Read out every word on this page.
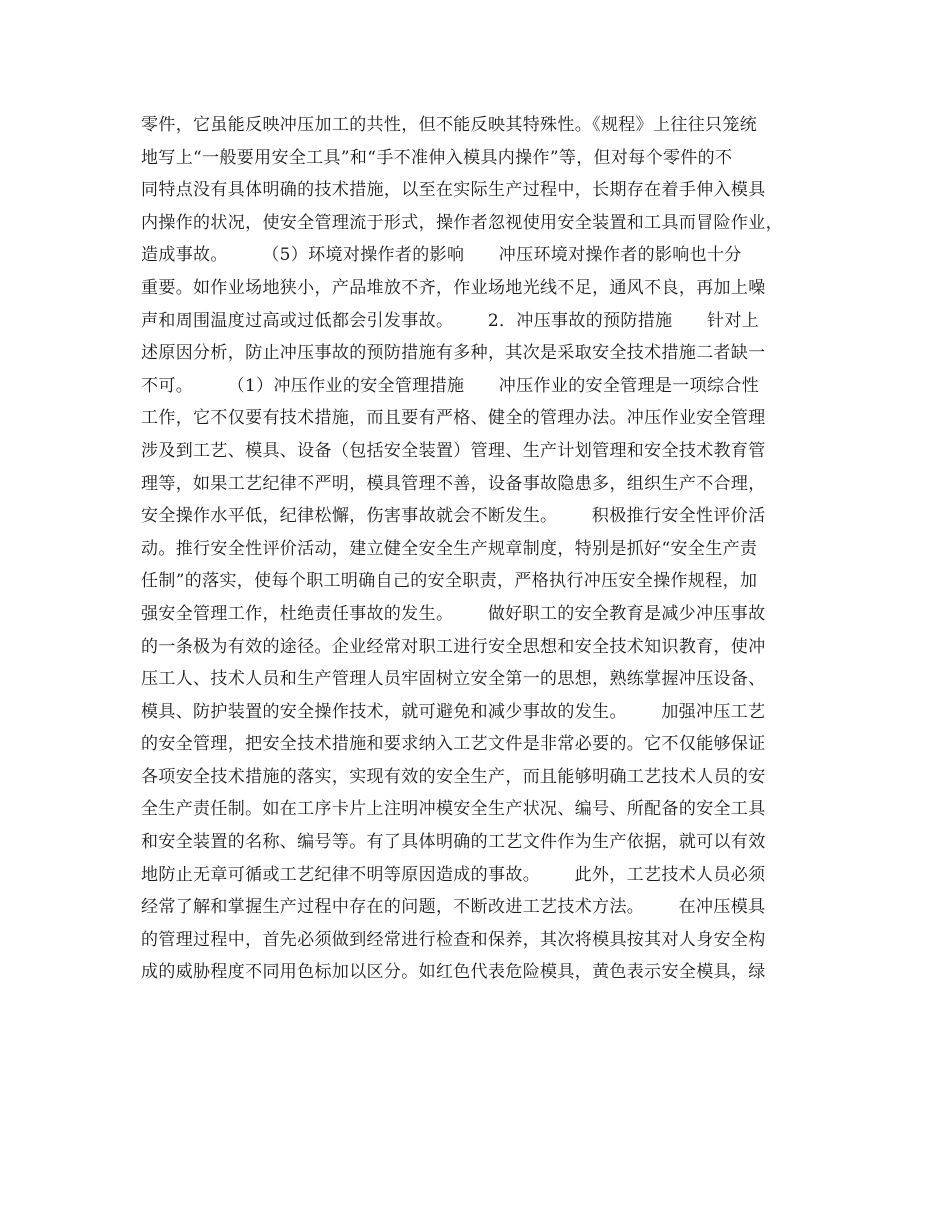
零件，它虽能反映冲压加工的共性，但不能反映其特殊性。《规程》上往往只笼统
地写上“一般要用安全工具”和“手不准伸入模具内操作”等，但对每个零件的不
同特点没有具体明确的技术措施，以至在实际生产过程中，长期存在着手伸入模具
内操作的状况，使安全管理流于形式，操作者忽视使用安全装置和工具而冒险作业，
造成事故。      （5）环境对操作者的影响      冲压环境对操作者的影响也十分
重要。如作业场地狭小，产品堆放不齐，作业场地光线不足，通风不良，再加上噪
声和周围温度过高或过低都会引发事故。      2．冲压事故的预防措施      针对上
述原因分析，防止冲压事故的预防措施有多种，其次是采取安全技术措施二者缺一
不可。      （1）冲压作业的安全管理措施      冲压作业的安全管理是一项综合性
工作，它不仅要有技术措施，而且要有严格、健全的管理办法。冲压作业安全管理
涉及到工艺、模具、设备（包括安全装置）管理、生产计划管理和安全技术教育管
理等，如果工艺纪律不严明，模具管理不善，设备事故隐患多，组织生产不合理，
安全操作水平低，纪律松懈，伤害事故就会不断发生。      积极推行安全性评价活
动。推行安全性评价活动，建立健全安全生产规章制度，特别是抓好“安全生产责
任制”的落实，使每个职工明确自己的安全职责，严格执行冲压安全操作规程，加
强安全管理工作，杜绝责任事故的发生。      做好职工的安全教育是减少冲压事故
的一条极为有效的途径。企业经常对职工进行安全思想和安全技术知识教育，使冲
压工人、技术人员和生产管理人员牢固树立安全第一的思想，熟练掌握冲压设备、
模具、防护装置的安全操作技术，就可避免和减少事故的发生。      加强冲压工艺
的安全管理，把安全技术措施和要求纳入工艺文件是非常必要的。它不仅能够保证
各项安全技术措施的落实，实现有效的安全生产，而且能够明确工艺技术人员的安
全生产责任制。如在工序卡片上注明冲模安全生产状况、编号、所配备的安全工具
和安全装置的名称、编号等。有了具体明确的工艺文件作为生产依据，就可以有效
地防止无章可循或工艺纪律不明等原因造成的事故。      此外，工艺技术人员必须
经常了解和掌握生产过程中存在的问题，不断改进工艺技术方法。      在冲压模具
的管理过程中，首先必须做到经常进行检查和保养，其次将模具按其对人身安全构
成的威胁程度不同用色标加以区分。如红色代表危险模具，黄色表示安全模具，绿
